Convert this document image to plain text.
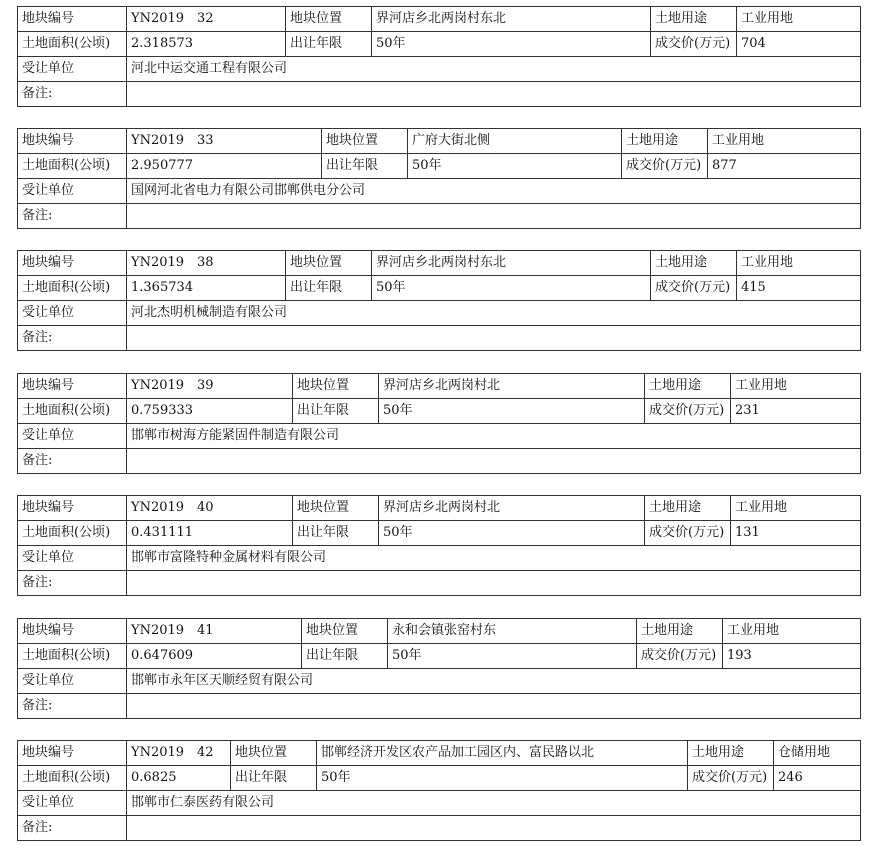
地块编号	YN2019　32	地块位置	界河店乡北两岗村东北	土地用途	工业用地
土地面积(公顷)	2.318573	出让年限	50年	成交价(万元)	704
受让单位	河北中运交通工程有限公司				
备注:					
地块编号	YN2019　33	地块位置	广府大街北侧	土地用途	工业用地
土地面积(公顷)	2.950777	出让年限	50年	成交价(万元)	877
受让单位	国网河北省电力有限公司邯郸供电分公司				
备注:					
地块编号	YN2019　38	地块位置	界河店乡北两岗村东北	土地用途	工业用地
土地面积(公顷)	1.365734	出让年限	50年	成交价(万元)	415
受让单位	河北杰明机械制造有限公司				
备注:					
地块编号	YN2019　39	地块位置	界河店乡北两岗村北	土地用途	工业用地
土地面积(公顷)	0.759333	出让年限	50年	成交价(万元)	231
受让单位	邯郸市树海方能紧固件制造有限公司				
备注:					
地块编号	YN2019　40	地块位置	界河店乡北两岗村北	土地用途	工业用地
土地面积(公顷)	0.431111	出让年限	50年	成交价(万元)	131
受让单位	邯郸市富隆特种金属材料有限公司				
备注:					
地块编号	YN2019　41	地块位置	永和会镇张窑村东	土地用途	工业用地
土地面积(公顷)	0.647609	出让年限	50年	成交价(万元)	193
受让单位	邯郸市永年区天顺经贸有限公司				
备注:					
地块编号	YN2019　42	地块位置	邯郸经济开发区农产品加工园区内、富民路以北	土地用途	仓储用地
土地面积(公顷)	0.6825	出让年限	50年	成交价(万元)	246
受让单位	邯郸市仁泰医药有限公司				
备注:					
